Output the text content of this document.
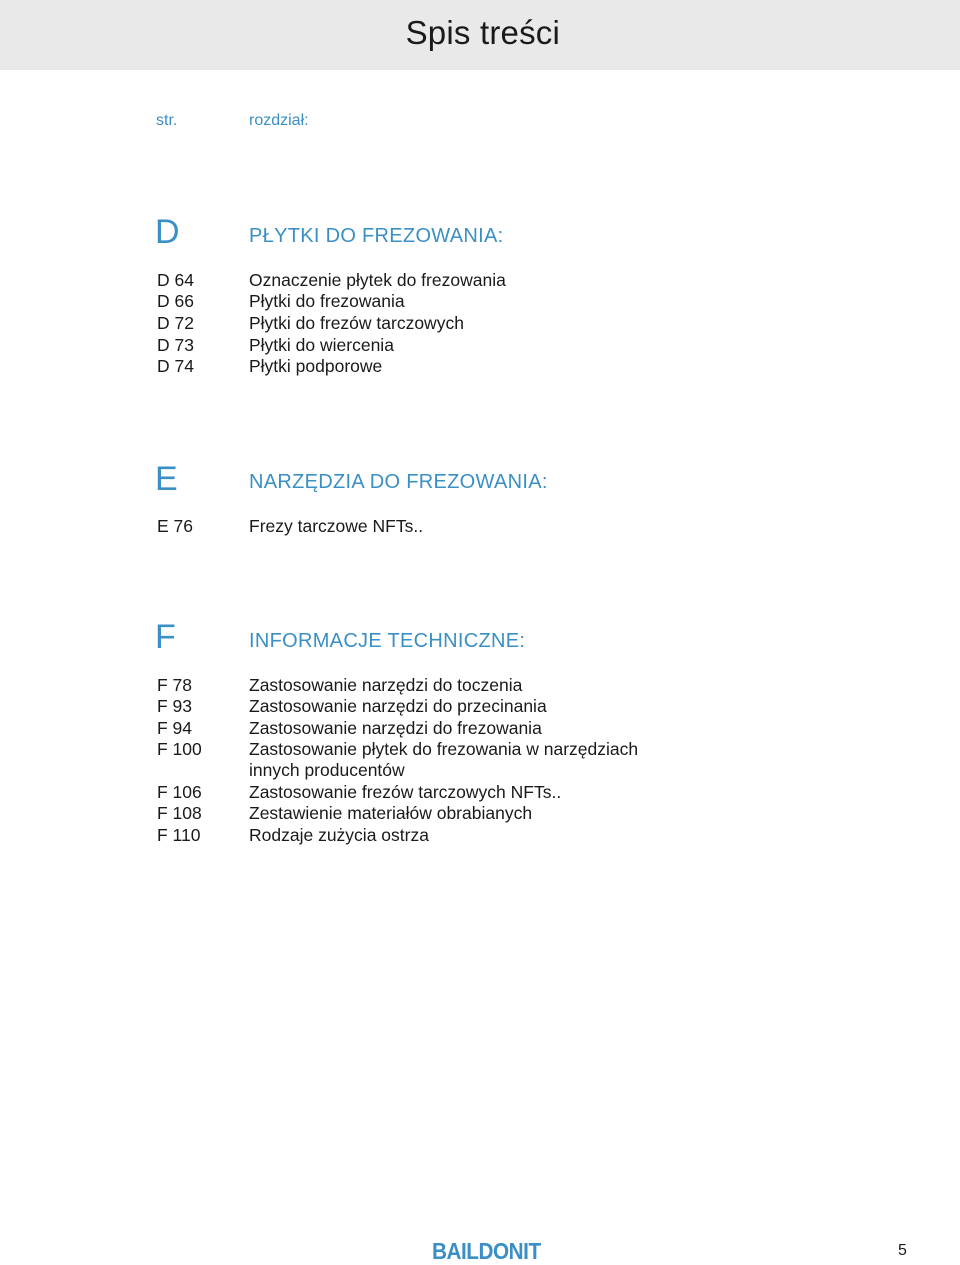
Spis treści
str.	rozdział:
D	PŁYTKI DO FREZOWANIA:
D 64	Oznaczenie płytek do frezowania
D 66	Płytki do frezowania
D 72	Płytki do frezów tarczowych
D 73	Płytki do wiercenia
D 74	Płytki podporowe
E	NARZĘDZIA DO FREZOWANIA:
E 76	Frezy tarczowe NFTs..
F	INFORMACJE TECHNICZNE:
F 78	Zastosowanie narzędzi do toczenia
F 93	Zastosowanie narzędzi do przecinania
F 94	Zastosowanie narzędzi do frezowania
F 100	Zastosowanie płytek do frezowania w narzędziach
innych producentów
F 106	Zastosowanie frezów tarczowych NFTs..
F 108	Zestawienie materiałów obrabianych
F 110	Rodzaje zużycia ostrza
BAILDONIT	5
